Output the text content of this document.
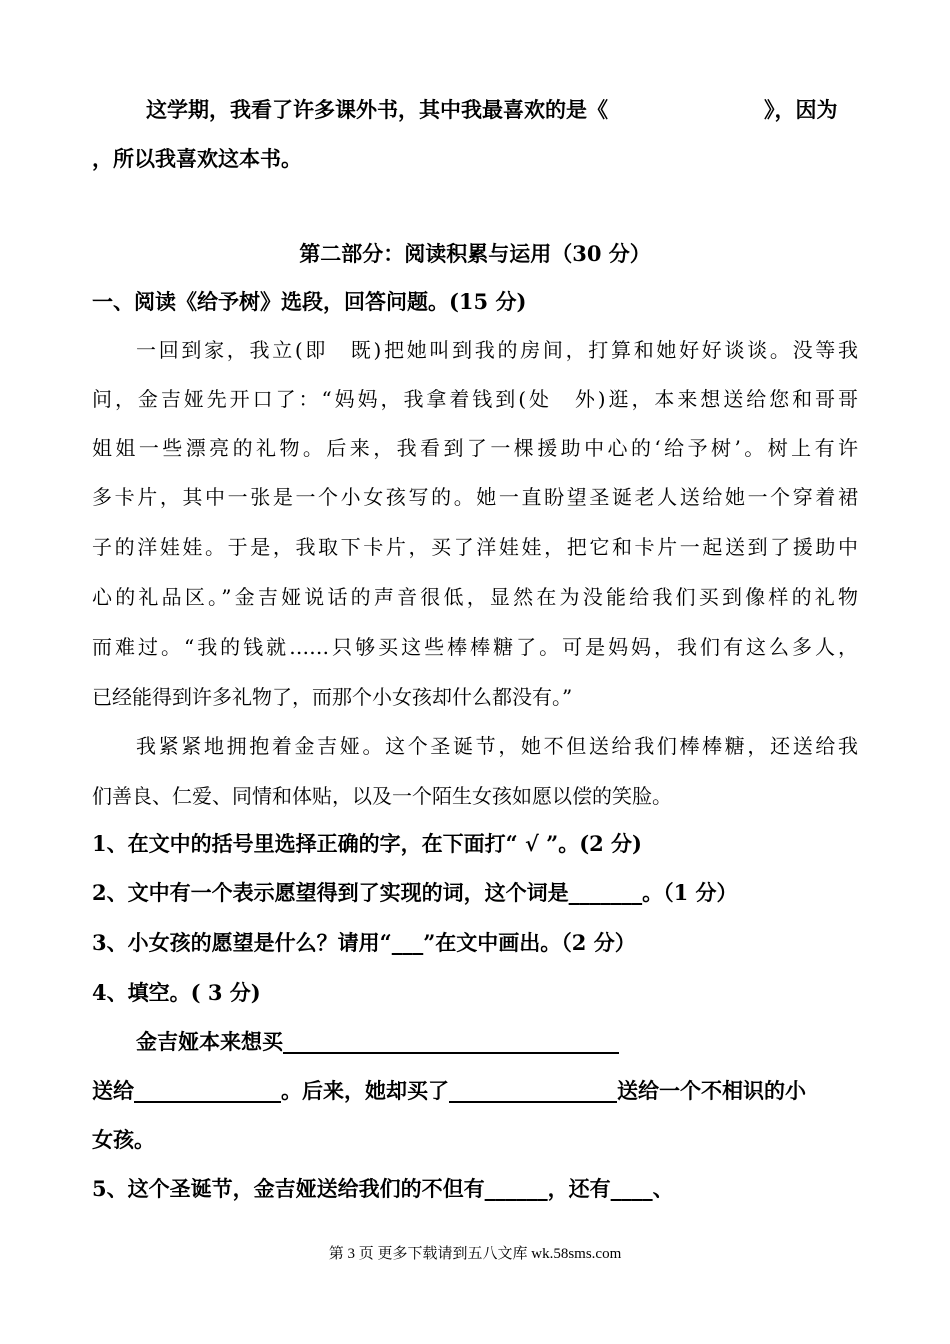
这学期，我看了许多课外书，其中我最喜欢的是《	》，因为
，所以我喜欢这本书。
第二部分：阅读积累与运用（30 分）
一、阅读《给予树》选段，回答问题。(15 分)
一回到家，我立(即　既)把她叫到我的房间，打算和她好好谈谈。没等我
问，金吉娅先开口了：“妈妈，我拿着钱到(处　外)逛，本来想送给您和哥哥
姐姐一些漂亮的礼物。后来，我看到了一棵援助中心的‘给予树’。树上有许
多卡片，其中一张是一个小女孩写的。她一直盼望圣诞老人送给她一个穿着裙
子的洋娃娃。于是，我取下卡片，买了洋娃娃，把它和卡片一起送到了援助中
心的礼品区。”金吉娅说话的声音很低，显然在为没能给我们买到像样的礼物
而难过。“我的钱就……只够买这些棒棒糖了。可是妈妈，我们有这么多人，
已经能得到许多礼物了，而那个小女孩却什么都没有。”
我紧紧地拥抱着金吉娅。这个圣诞节，她不但送给我们棒棒糖，还送给我
们善良、仁爱、同情和体贴，以及一个陌生女孩如愿以偿的笑脸。
1、在文中的括号里选择正确的字，在下面打“ √ ”。(2 分)
2、文中有一个表示愿望得到了实现的词，这个词是_______。（1 分）
3、小女孩的愿望是什么？请用“___”在文中画出。（2 分）
4、填空。( 3 分)
金吉娅本来想买________________________________
送给______________。后来，她却买了________________送给一个不相识的小
女孩。
5、这个圣诞节，金吉娅送给我们的不但有______，还有____、
第 3 页 更多下载请到五八文库 wk.58sms.com
